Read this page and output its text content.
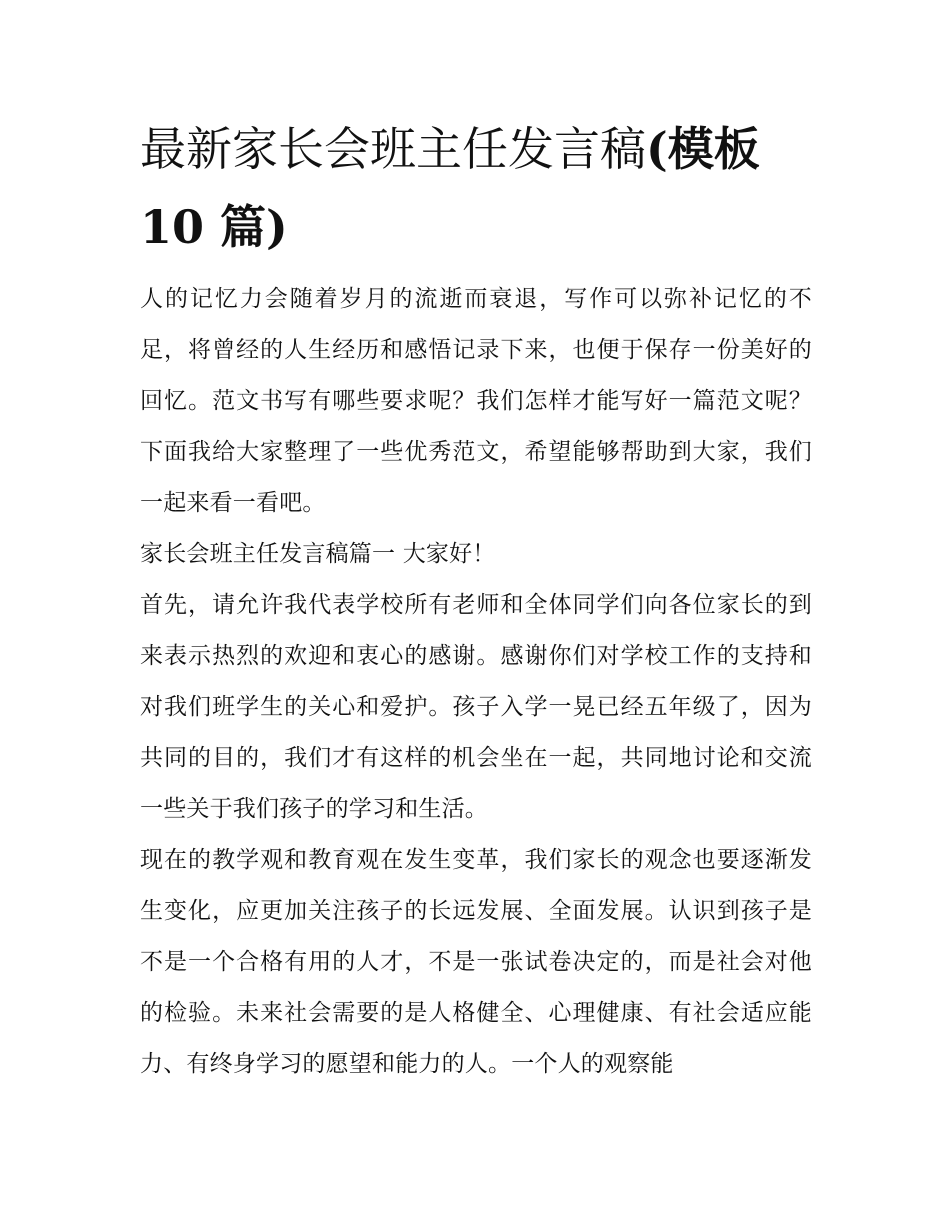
最新家长会班主任发言稿(模板 10 篇)

人的记忆力会随着岁月的流逝而衰退，写作可以弥补记忆的不足，将曾经的人生经历和感悟记录下来，也便于保存一份美好的回忆。范文书写有哪些要求呢？我们怎样才能写好一篇范文呢？下面我给大家整理了一些优秀范文，希望能够帮助到大家，我们一起来看一看吧。

家长会班主任发言稿篇一 大家好！

首先，请允许我代表学校所有老师和全体同学们向各位家长的到来表示热烈的欢迎和衷心的感谢。感谢你们对学校工作的支持和对我们班学生的关心和爱护。孩子入学一晃已经五年级了，因为共同的目的，我们才有这样的机会坐在一起，共同地讨论和交流一些关于我们孩子的学习和生活。

现在的教学观和教育观在发生变革，我们家长的观念也要逐渐发生变化，应更加关注孩子的长远发展、全面发展。认识到孩子是不是一个合格有用的人才，不是一张试卷决定的，而是社会对他的检验。未来社会需要的是人格健全、心理健康、有社会适应能力、有终身学习的愿望和能力的人。一个人的观察能
